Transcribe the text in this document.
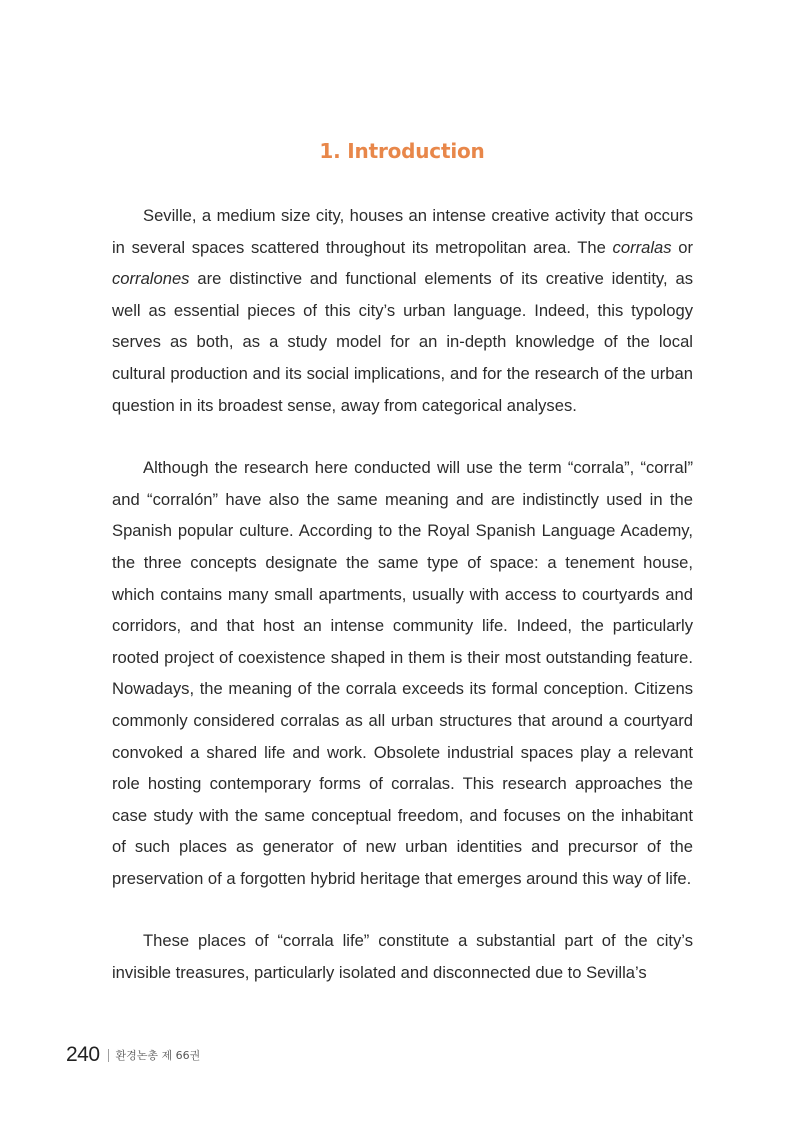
1. Introduction

Seville, a medium size city, houses an intense creative activity that occurs in several spaces scattered throughout its metropolitan area. The corralas or corralones are distinctive and functional elements of its creative identity, as well as essential pieces of this city’s urban language. Indeed, this typology serves as both, as a study model for an in-depth knowledge of the local cultural production and its social implications, and for the research of the urban question in its broadest sense, away from categorical analyses.

Although the research here conducted will use the term “corrala”, “corral” and “corralón” have also the same meaning and are indistinctly used in the Spanish popular culture. According to the Royal Spanish Language Academy, the three concepts designate the same type of space: a tenement house, which contains many small apartments, usually with access to courtyards and corridors, and that host an intense community life. Indeed, the particularly rooted project of coexistence shaped in them is their most outstanding feature. Nowadays, the meaning of the corrala exceeds its formal conception. Citizens commonly considered corralas as all urban structures that around a courtyard convoked a shared life and work. Obsolete industrial spaces play a relevant role hosting contemporary forms of corralas. This research approaches the case study with the same conceptual freedom, and focuses on the inhabitant of such places as generator of new urban identities and precursor of the preservation of a forgotten hybrid heritage that emerges around this way of life.

These places of “corrala life” constitute a substantial part of the city’s invisible treasures, particularly isolated and disconnected due to Sevilla’s

240 환경논총 제 66권
